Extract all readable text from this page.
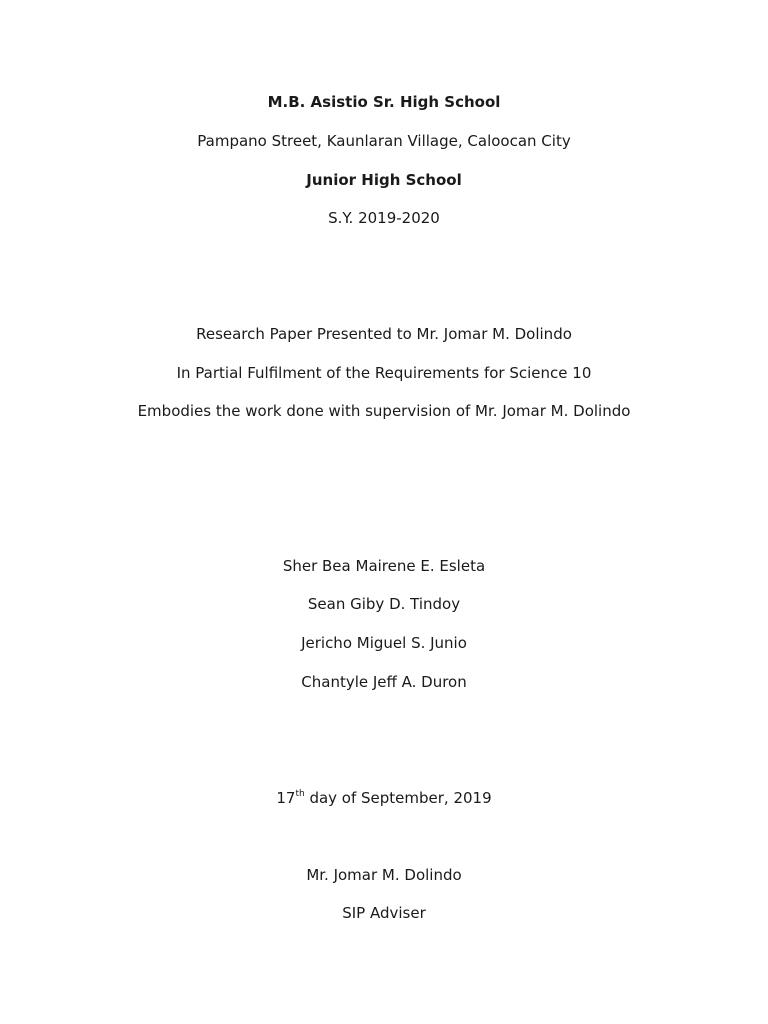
M.B. Asistio Sr. High School
Pampano Street, Kaunlaran Village, Caloocan City
Junior High School
S.Y. 2019-2020
Research Paper Presented to Mr. Jomar M. Dolindo
In Partial Fulfilment of the Requirements for Science 10
Embodies the work done with supervision of Mr. Jomar M. Dolindo
Sher Bea Mairene E. Esleta
Sean Giby D. Tindoy
Jericho Miguel S. Junio
Chantyle Jeff A. Duron
17th day of September, 2019
Mr. Jomar M. Dolindo
SIP Adviser
